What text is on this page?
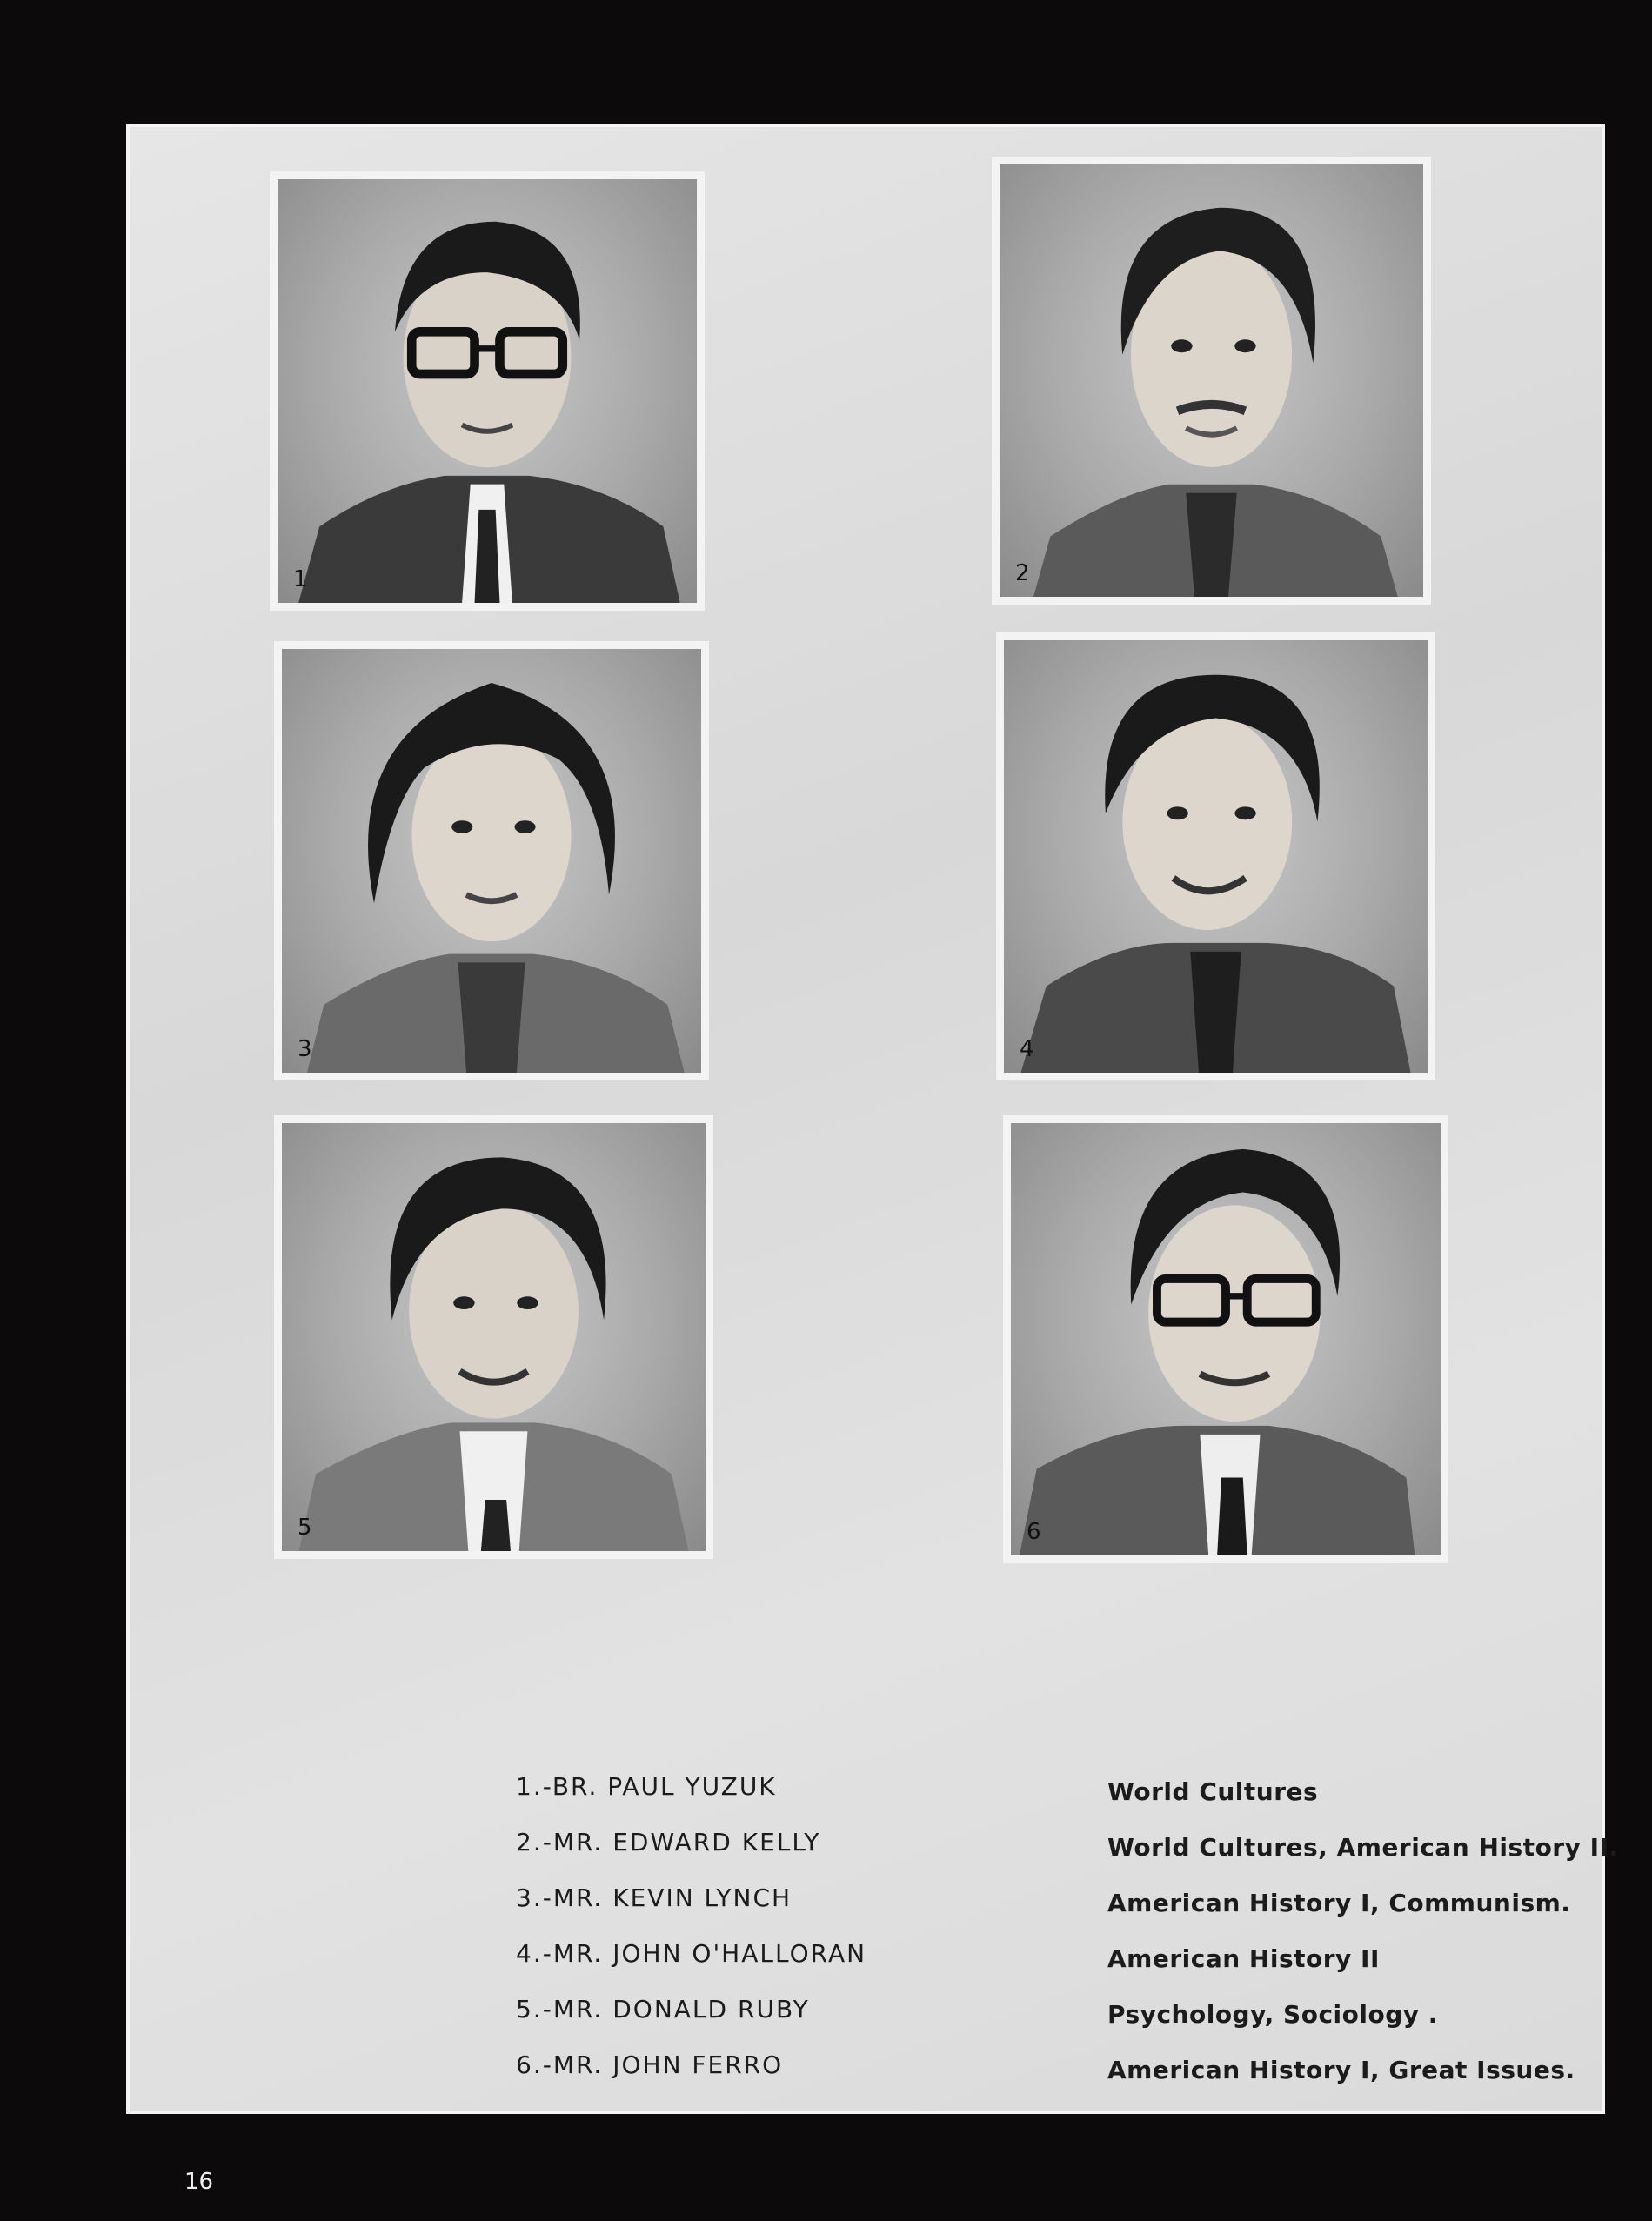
1	2
3	4
5	6
1.-BR. PAUL YUZUK	World Cultures
2.-MR. EDWARD KELLY	World Cultures, American History II.
3.-MR. KEVIN LYNCH	American History I, Communism.
4.-MR. JOHN O'HALLORAN	American History II
5.-MR. DONALD RUBY	Psychology, Sociology .
6.-MR. JOHN FERRO	American History I, Great Issues.
16
